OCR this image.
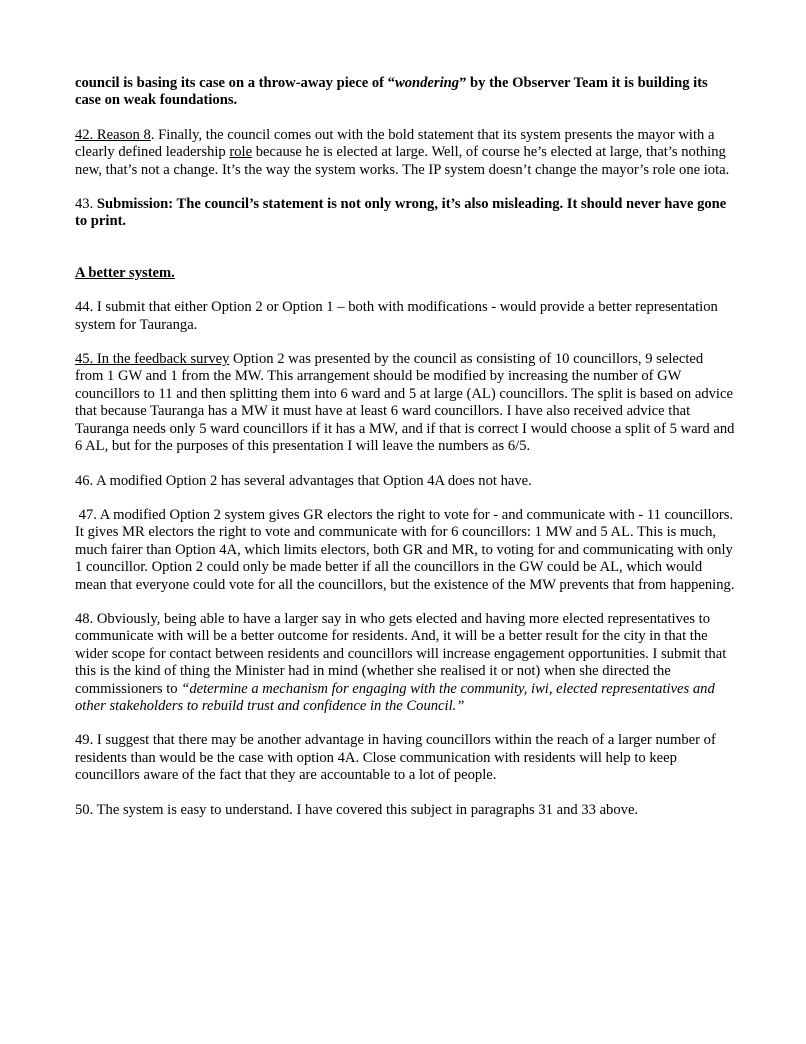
council is basing its case on a throw-away piece of “wondering” by the Observer Team it is building its case on weak foundations.

42. Reason 8. Finally, the council comes out with the bold statement that its system presents the mayor with a clearly defined leadership role because he is elected at large. Well, of course he’s elected at large, that’s nothing new, that’s not a change. It’s the way the system works. The IP system doesn’t change the mayor’s role one iota.

43. Submission: The council’s statement is not only wrong, it’s also misleading. It should never have gone to print.

A better system.

44. I submit that either Option 2 or Option 1 – both with modifications - would provide a better representation system for Tauranga.

45. In the feedback survey Option 2 was presented by the council as consisting of 10 councillors, 9 selected from 1 GW and 1 from the MW. This arrangement should be modified by increasing the number of GW councillors to 11 and then splitting them into 6 ward and 5 at large (AL) councillors. The split is based on advice that because Tauranga has a MW it must have at least 6 ward councillors. I have also received advice that Tauranga needs only 5 ward councillors if it has a MW, and if that is correct I would choose a split of 5 ward and 6 AL, but for the purposes of this presentation I will leave the numbers as 6/5.

46. A modified Option 2 has several advantages that Option 4A does not have.

47. A modified Option 2 system gives GR electors the right to vote for - and communicate with - 11 councillors. It gives MR electors the right to vote and communicate with for 6 councillors: 1 MW and 5 AL. This is much, much fairer than Option 4A, which limits electors, both GR and MR, to voting for and communicating with only 1 councillor. Option 2 could only be made better if all the councillors in the GW could be AL, which would mean that everyone could vote for all the councillors, but the existence of the MW prevents that from happening.

48. Obviously, being able to have a larger say in who gets elected and having more elected representatives to communicate with will be a better outcome for residents. And, it will be a better result for the city in that the wider scope for contact between residents and councillors will increase engagement opportunities. I submit that this is the kind of thing the Minister had in mind (whether she realised it or not) when she directed the commissioners to “determine a mechanism for engaging with the community, iwi, elected representatives and other stakeholders to rebuild trust and confidence in the Council.”

49. I suggest that there may be another advantage in having councillors within the reach of a larger number of residents than would be the case with option 4A. Close communication with residents will help to keep councillors aware of the fact that they are accountable to a lot of people.

50. The system is easy to understand. I have covered this subject in paragraphs 31 and 33 above.
